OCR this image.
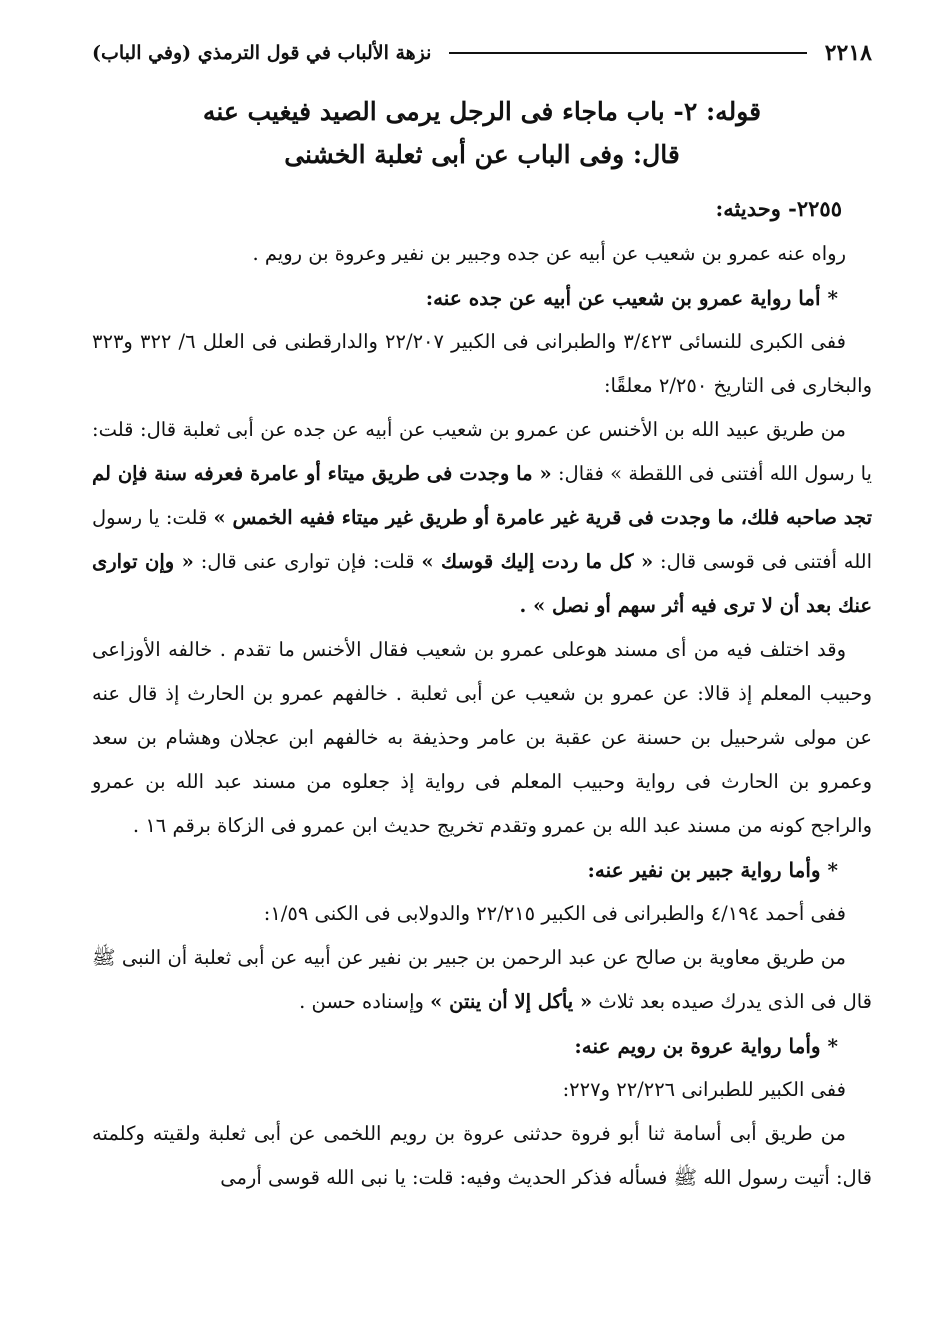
٢٢١٨
نزهة الألباب في قول الترمذي (وفي الباب)
قوله: ٢- باب ماجاء فى الرجل يرمى الصيد فيغيب عنه
قال: وفى الباب عن أبى ثعلبة الخشنى
٢٢٥٥- وحديثه:

رواه عنه عمرو بن شعيب عن أبيه عن جده وجبير بن نفير وعروة بن رويم .

* أما رواية عمرو بن شعيب عن أبيه عن جده عنه:

ففى الكبرى للنسائى ٣/٤٢٣ والطبرانى فى الكبير ٢٢/٢٠٧ والدارقطنى فى العلل ٦/ ٣٢٢ و٣٢٣ والبخارى فى التاريخ ٢/٢٥٠ معلقًا:

من طريق عبيد الله بن الأخنس عن عمرو بن شعيب عن أبيه عن جده عن أبى ثعلبة قال: قلت: يا رسول الله أفتنى فى اللقطة » فقال: « ما وجدت فى طريق ميتاء أو عامرة فعرفه سنة فإن لم تجد صاحبه فلك، ما وجدت فى قرية غير عامرة أو طريق غير ميتاء ففيه الخمس » قلت: يا رسول الله أفتنى فى قوسى قال: « كل ما ردت إليك قوسك » قلت: فإن توارى عنى قال: « وإن توارى عنك بعد أن لا ترى فيه أثر سهم أو نصل » .

وقد اختلف فيه من أى مسند هوعلى عمرو بن شعيب فقال الأخنس ما تقدم . خالفه الأوزاعى وحبيب المعلم إذ قالا: عن عمرو بن شعيب عن أبى ثعلبة . خالفهم عمرو بن الحارث إذ قال عنه عن مولى شرحبيل بن حسنة عن عقبة بن عامر وحذيفة به خالفهم ابن عجلان وهشام بن سعد وعمرو بن الحارث فى رواية وحبيب المعلم فى رواية إذ جعلوه من مسند عبد الله بن عمرو والراجح كونه من مسند عبد الله بن عمرو وتقدم تخريج حديث ابن عمرو فى الزكاة برقم ١٦ .

* وأما رواية جبير بن نفير عنه:

ففى أحمد ٤/١٩٤ والطبرانى فى الكبير ٢٢/٢١٥ والدولابى فى الكنى ١/٥٩:

من طريق معاوية بن صالح عن عبد الرحمن بن جبير بن نفير عن أبيه عن أبى ثعلبة أن النبى ﷺ قال فى الذى يدرك صيده بعد ثلاث « يأكل إلا أن ينتن » وإسناده حسن .

* وأما رواية عروة بن رويم عنه:

ففى الكبير للطبرانى ٢٢/٢٢٦ و٢٢٧:

من طريق أبى أسامة ثنا أبو فروة حدثنى عروة بن رويم اللخمى عن أبى ثعلبة ولقيته وكلمته قال: أتيت رسول الله ﷺ فسأله فذكر الحديث وفيه: قلت: يا نبى الله قوسى أرمى
